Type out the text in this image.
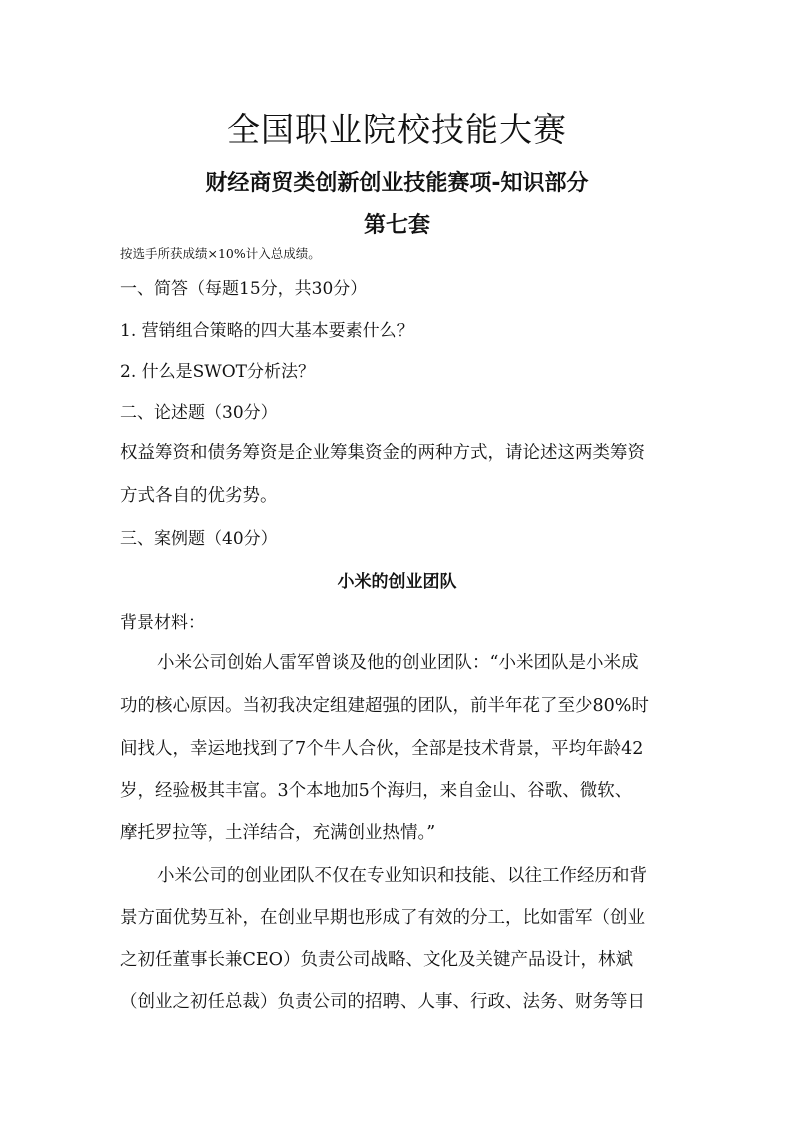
全国职业院校技能大赛
财经商贸类创新创业技能赛项-知识部分
第七套

按选手所获成绩×10%计入总成绩。

一、简答（每题15分，共30分）

1. 营销组合策略的四大基本要素什么？

2. 什么是SWOT分析法？

二、论述题（30分）

权益筹资和债务筹资是企业筹集资金的两种方式，请论述这两类筹资

方式各自的优劣势。

三、案例题（40分）

小米的创业团队

背景材料：

小米公司创始人雷军曾谈及他的创业团队：“小米团队是小米成

功的核心原因。当初我决定组建超强的团队，前半年花了至少80%时

间找人，幸运地找到了7个牛人合伙，全部是技术背景，平均年龄42

岁，经验极其丰富。3个本地加5个海归，来自金山、谷歌、微软、

摩托罗拉等，土洋结合，充满创业热情。”

小米公司的创业团队不仅在专业知识和技能、以往工作经历和背

景方面优势互补，在创业早期也形成了有效的分工，比如雷军（创业

之初任董事长兼CEO）负责公司战略、文化及关键产品设计，林斌

（创业之初任总裁）负责公司的招聘、人事、行政、法务、财务等日
